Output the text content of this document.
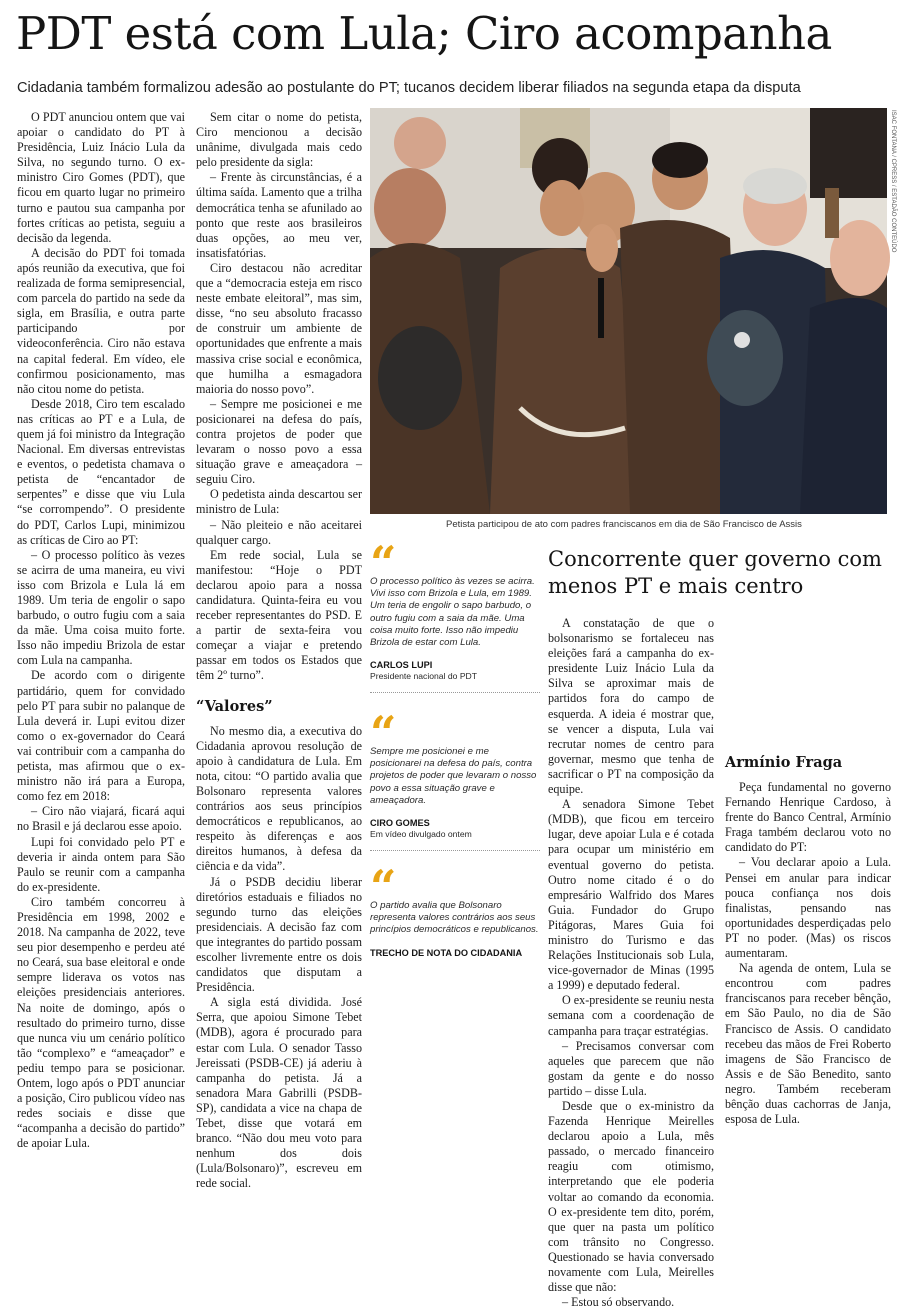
PDT está com Lula; Ciro acompanha
Cidadania também formalizou adesão ao postulante do PT; tucanos decidem liberar filiados na segunda etapa da disputa

O PDT anunciou ontem que vai apoiar o candidato do PT à Presidência, Luiz Inácio Lula da Silva, no segundo turno. O ex-ministro Ciro Gomes (PDT), que ficou em quarto lugar no primeiro turno e pautou sua campanha por fortes críticas ao petista, seguiu a decisão da legenda.

A decisão do PDT foi tomada após reunião da executiva, que foi realizada de forma semipresencial, com parcela do partido na sede da sigla, em Brasília, e outra parte participando por videoconferência. Ciro não estava na capital federal. Em vídeo, ele confirmou posicionamento, mas não citou nome do petista.

Desde 2018, Ciro tem escalado nas críticas ao PT e a Lula, de quem já foi ministro da Integração Nacional. Em diversas entrevistas e eventos, o pedetista chamava o petista de “encantador de serpentes” e disse que viu Lula “se corrompendo”. O presidente do PDT, Carlos Lupi, minimizou as críticas de Ciro ao PT:

– O processo político às vezes se acirra de uma maneira, eu vivi isso com Brizola e Lula lá em 1989. Um teria de engolir o sapo barbudo, o outro fugiu com a saia da mãe. Uma coisa muito forte. Isso não impediu Brizola de estar com Lula na campanha.

De acordo com o dirigente partidário, quem for convidado pelo PT para subir no palanque de Lula deverá ir. Lupi evitou dizer como o ex-governador do Ceará vai contribuir com a campanha do petista, mas afirmou que o ex-ministro não irá para a Europa, como fez em 2018:

– Ciro não viajará, ficará aqui no Brasil e já declarou esse apoio.

Lupi foi convidado pelo PT e deveria ir ainda ontem para São Paulo se reunir com a campanha do ex-presidente.

Ciro também concorreu à Presidência em 1998, 2002 e 2018. Na campanha de 2022, teve seu pior desempenho e perdeu até no Ceará, sua base eleitoral e onde sempre liderava os votos nas eleições presidenciais anteriores. Na noite de domingo, após o resultado do primeiro turno, disse que nunca viu um cenário político tão “complexo” e “ameaçador” e pediu tempo para se posicionar. Ontem, logo após o PDT anunciar a posição, Ciro publicou vídeo nas redes sociais e disse que “acompanha a decisão do partido” de apoiar Lula.

Sem citar o nome do petista, Ciro mencionou a decisão unânime, divulgada mais cedo pelo presidente da sigla:

– Frente às circunstâncias, é a última saída. Lamento que a trilha democrática tenha se afunilado ao ponto que reste aos brasileiros duas opções, ao meu ver, insatisfatórias.

Ciro destacou não acreditar que a “democracia esteja em risco neste embate eleitoral”, mas sim, disse, “no seu absoluto fracasso de construir um ambiente de oportunidades que enfrente a mais massiva crise social e econômica, que humilha a esmagadora maioria do nosso povo”.

– Sempre me posicionei e me posicionarei na defesa do país, contra projetos de poder que levaram o nosso povo a essa situação grave e ameaçadora – seguiu Ciro.

O pedetista ainda descartou ser ministro de Lula:

– Não pleiteio e não aceitarei qualquer cargo.

Em rede social, Lula se manifestou: “Hoje o PDT declarou apoio para a nossa candidatura. Quinta-feira eu vou receber representantes do PSD. E a partir de sexta-feira vou começar a viajar e pretendo passar em todos os Estados que têm 2º turno”.

“Valores”

No mesmo dia, a executiva do Cidadania aprovou resolução de apoio à candidatura de Lula. Em nota, citou: “O partido avalia que Bolsonaro representa valores contrários aos seus princípios democráticos e republicanos, ao respeito às diferenças e aos direitos humanos, à defesa da ciência e da vida”.

Já o PSDB decidiu liberar diretórios estaduais e filiados no segundo turno das eleições presidenciais. A decisão faz com que integrantes do partido possam escolher livremente entre os dois candidatos que disputam a Presidência.

A sigla está dividida. José Serra, que apoiou Simone Tebet (MDB), agora é procurado para estar com Lula. O senador Tasso Jereissati (PSDB-CE) já aderiu à campanha do petista. Já a senadora Mara Gabrilli (PSDB-SP), candidata a vice na chapa de Tebet, disse que votará em branco. “Não dou meu voto para nenhum dos dois (Lula/Bolsonaro)”, escreveu em rede social.

ISAC FONTANA / CPRESS / ESTADÃO CONTEÚDO
Petista participou de ato com padres franciscanos em dia de São Francisco de Assis
“
O processo político às vezes se acirra. Vivi isso com Brizola e Lula, em 1989. Um teria de engolir o sapo barbudo, o outro fugiu com a saia da mãe. Uma coisa muito forte. Isso não impediu Brizola de estar com Lula.
CARLOS LUPI
Presidente nacional do PDT
“
Sempre me posicionei e me posicionarei na defesa do país, contra projetos de poder que levaram o nosso povo a essa situação grave e ameaçadora.
CIRO GOMES
Em vídeo divulgado ontem
“
O partido avalia que Bolsonaro representa valores contrários aos seus princípios democráticos e republicanos.
TRECHO DE NOTA DO CIDADANIA
Concorrente quer governo com menos PT e mais centro

A constatação de que o bolsonarismo se fortaleceu nas eleições fará a campanha do ex-presidente Luiz Inácio Lula da Silva se aproximar mais de partidos fora do campo de esquerda. A ideia é mostrar que, se vencer a disputa, Lula vai recrutar nomes de centro para governar, mesmo que tenha de sacrificar o PT na composição da equipe.

A senadora Simone Tebet (MDB), que ficou em terceiro lugar, deve apoiar Lula e é cotada para ocupar um ministério em eventual governo do petista. Outro nome citado é o do empresário Walfrido dos Mares Guia. Fundador do Grupo Pitágoras, Mares Guia foi ministro do Turismo e das Relações Institucionais sob Lula, vice-governador de Minas (1995 a 1999) e deputado federal.

O ex-presidente se reuniu nesta semana com a coordenação de campanha para traçar estratégias.

– Precisamos conversar com aqueles que parecem que não gostam da gente e do nosso partido – disse Lula.

Desde que o ex-ministro da Fazenda Henrique Meirelles declarou apoio a Lula, mês passado, o mercado financeiro reagiu com otimismo, interpretando que ele poderia voltar ao comando da economia. O ex-presidente tem dito, porém, que quer na pasta um político com trânsito no Congresso. Questionado se havia conversado novamente com Lula, Meirelles disse que não:

– Estou só observando.

Armínio Fraga

Peça fundamental no governo Fernando Henrique Cardoso, à frente do Banco Central, Armínio Fraga também declarou voto no candidato do PT:

– Vou declarar apoio a Lula. Pensei em anular para indicar pouca confiança nos dois finalistas, pensando nas oportunidades desperdiçadas pelo PT no poder. (Mas) os riscos aumentaram.

Na agenda de ontem, Lula se encontrou com padres franciscanos para receber bênção, em São Paulo, no dia de São Francisco de Assis. O candidato recebeu das mãos de Frei Roberto imagens de São Francisco de Assis e de São Benedito, santo negro. Também receberam bênção duas cachorras de Janja, esposa de Lula.
